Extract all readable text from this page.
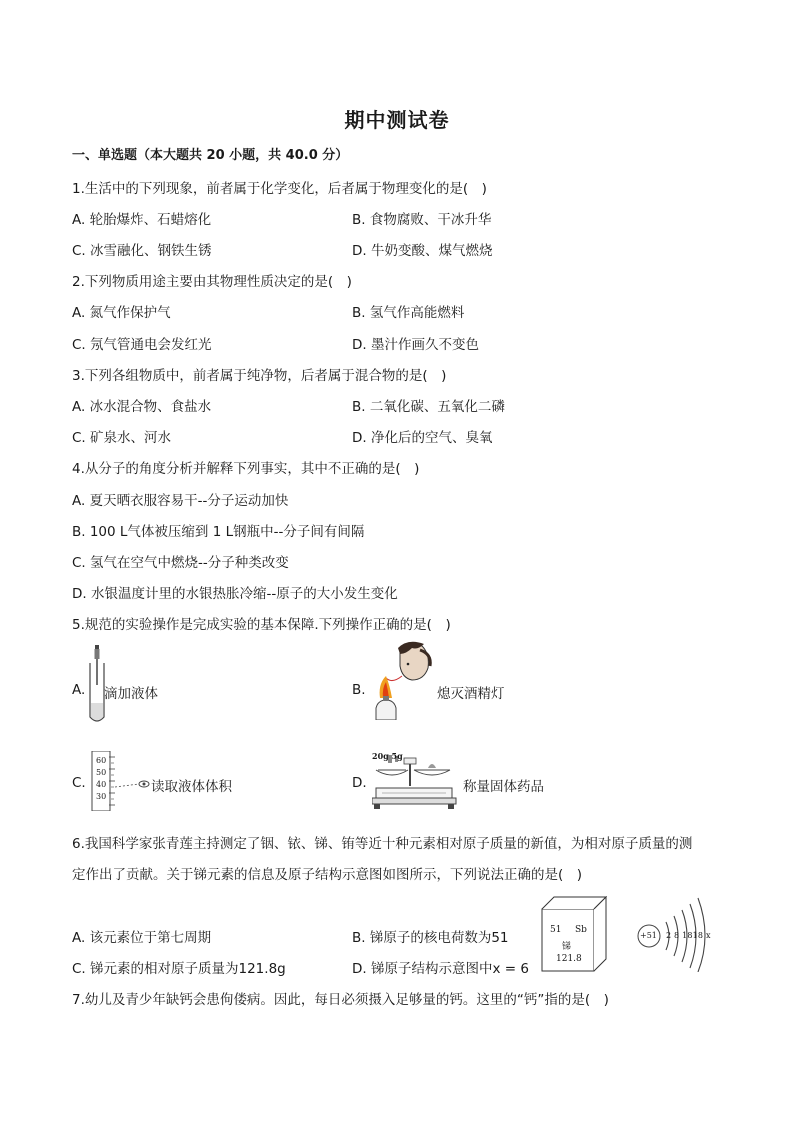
期中测试卷
一、单选题（本大题共 20 小题，共 40.0 分）
1.生活中的下列现象，前者属于化学变化，后者属于物理变化的是(　)
A. 轮胎爆炸、石蜡熔化	B. 食物腐败、干冰升华
C. 冰雪融化、钢铁生锈	D. 牛奶变酸、煤气燃烧
2.下列物质用途主要由其物理性质决定的是(　)
A. 氮气作保护气	B. 氢气作高能燃料
C. 氖气管通电会发红光	D. 墨汁作画久不变色
3.下列各组物质中，前者属于纯净物，后者属于混合物的是(　)
A. 冰水混合物、食盐水	B. 二氧化碳、五氧化二磷
C. 矿泉水、河水	D. 净化后的空气、臭氧
4.从分子的角度分析并解释下列事实，其中不正确的是(　)
A. 夏天晒衣服容易干--分子运动加快
B. 100 L气体被压缩到 1 L钢瓶中--分子间有间隔
C. 氢气在空气中燃烧--分子种类改变
D. 水银温度计里的水银热胀冷缩--原子的大小发生变化
5.规范的实验操作是完成实验的基本保障.下列操作正确的是(　)
A. 滴加液体	B.	熄灭酒精灯
C.
60
50
40
30
读取液体体积	D.
20g 5g
称量固体药品
6.我国科学家张青莲主持测定了铟、铱、锑、铕等近十种元素相对原子质量的新值，为相对原子质量的测
定作出了贡献。关于锑元素的信息及原子结构示意图如图所示，下列说法正确的是(　)
A. 该元素位于第七周期	B. 锑原子的核电荷数为51
C. 锑元素的相对原子质量为121.8g	D. 锑原子结构示意图中x = 6
51 Sb
锑
121.8
+51 2 8 1818 x
7.幼儿及青少年缺钙会患佝偻病。因此，每日必须摄入足够量的钙。这里的“钙”指的是(　)
